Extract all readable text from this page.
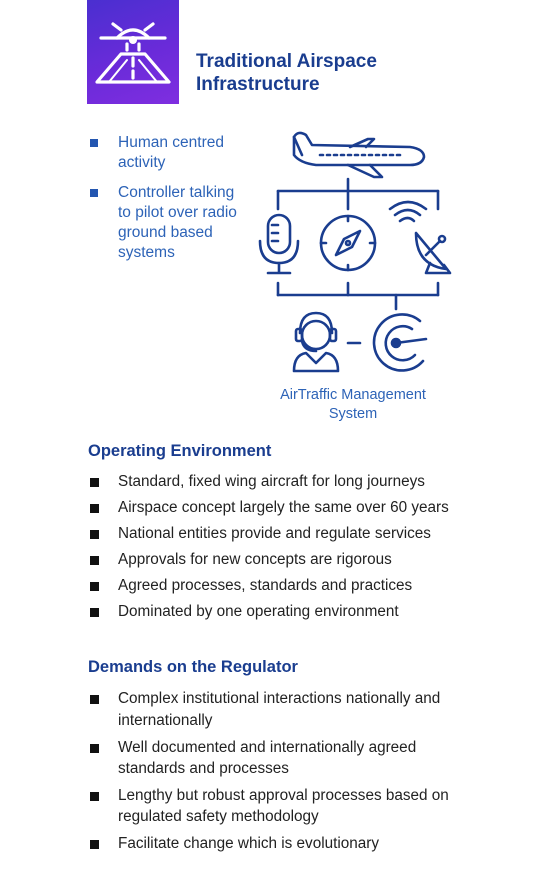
Traditional Airspace
Infrastructure
Human centred activity
Controller talking to pilot over radio ground based systems
AirTraffic Management
System
Operating Environment
Standard, fixed wing aircraft for long journeys
Airspace concept largely the same over 60 years
National entities provide and regulate services
Approvals for new concepts are rigorous
Agreed processes, standards and practices
Dominated by one operating environment
Demands on the Regulator
Complex institutional interactions nationally and internationally
Well documented and internationally agreed standards and processes
Lengthy but robust approval processes based on regulated safety methodology
Facilitate change which is evolutionary
